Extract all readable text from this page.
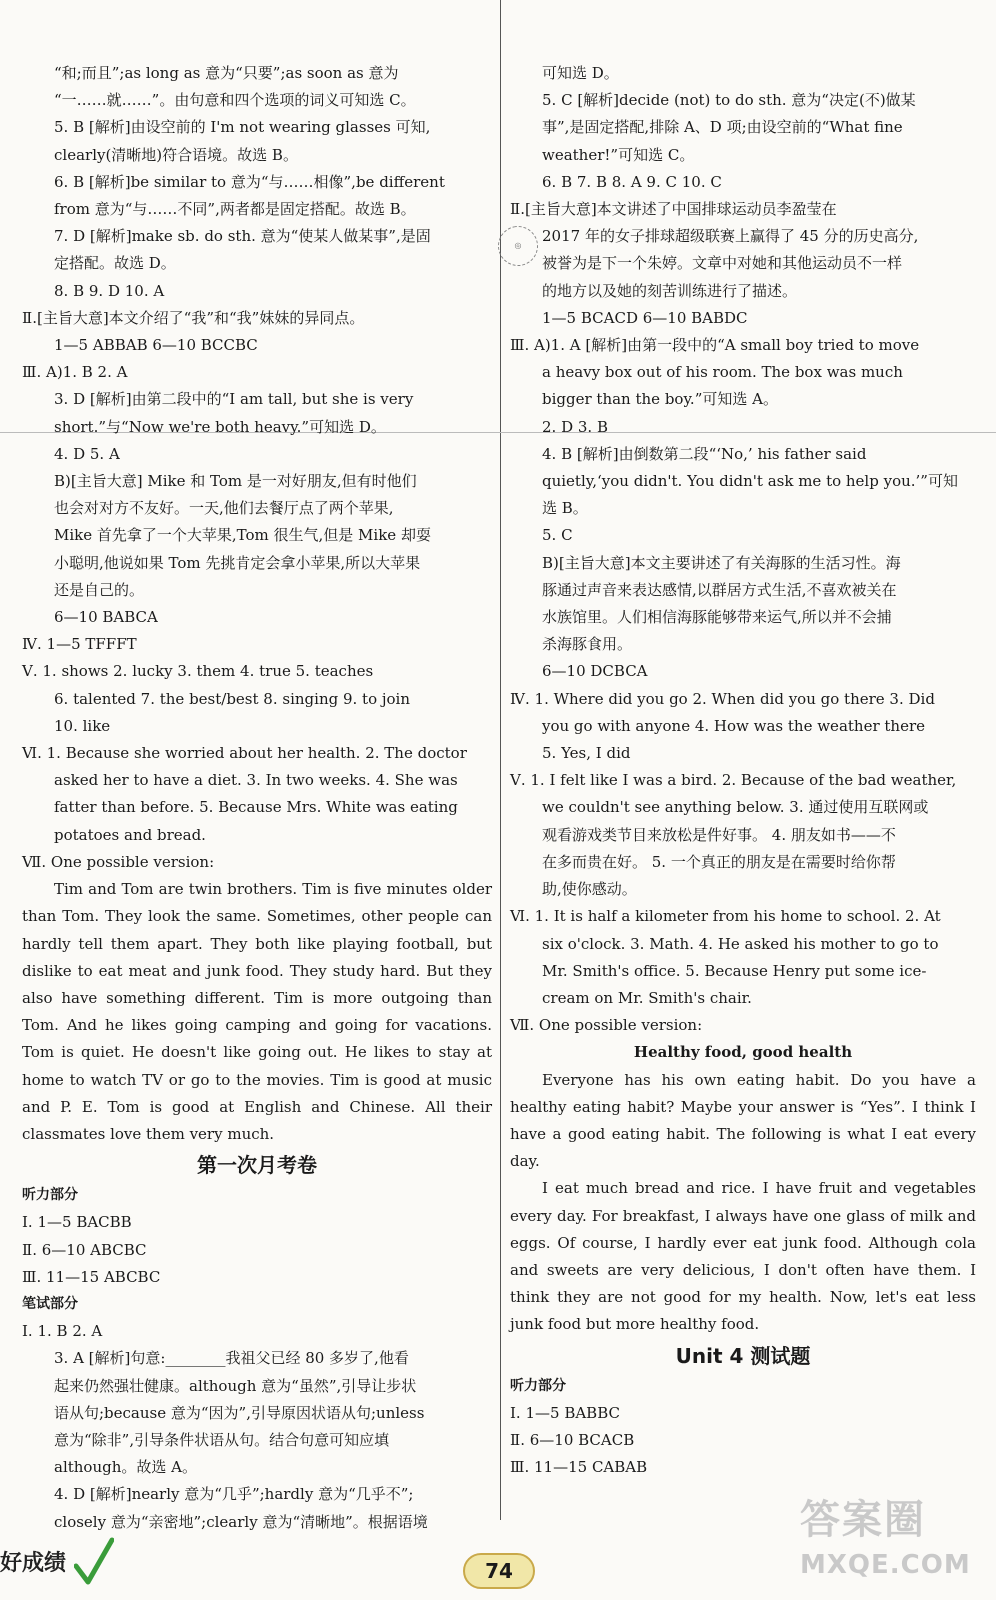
“和;而且”;as long as 意为“只要”;as soon as 意为
“一……就……”。由句意和四个选项的词义可知选 C。
5. B [解析]由设空前的 I'm not wearing glasses 可知,
clearly(清晰地)符合语境。故选 B。
6. B [解析]be similar to 意为“与……相像”,be different
from 意为“与……不同”,两者都是固定搭配。故选 B。
7. D [解析]make sb. do sth. 意为“使某人做某事”,是固
定搭配。故选 D。
8. B 9. D 10. A
Ⅱ.[主旨大意]本文介绍了“我”和“我”妹妹的异同点。
1—5 ABBAB 6—10 BCCBC
Ⅲ. A)1. B 2. A
3. D [解析]由第二段中的“I am tall, but she is very
short.”与“Now we're both heavy.”可知选 D。
4. D 5. A
B)[主旨大意] Mike 和 Tom 是一对好朋友,但有时他们
也会对对方不友好。一天,他们去餐厅点了两个苹果,
Mike 首先拿了一个大苹果,Tom 很生气,但是 Mike 却耍
小聪明,他说如果 Tom 先挑肯定会拿小苹果,所以大苹果
还是自己的。
6—10 BABCA
Ⅳ. 1—5 TFFFT
Ⅴ. 1. shows 2. lucky 3. them 4. true 5. teaches
6. talented 7. the best/best 8. singing 9. to join
10. like
Ⅵ. 1. Because she worried about her health. 2. The doctor
asked her to have a diet. 3. In two weeks. 4. She was
fatter than before. 5. Because Mrs. White was eating
potatoes and bread.
Ⅶ. One possible version:
Tim and Tom are twin brothers. Tim is five minutes older than Tom. They look the same. Sometimes, other people can hardly tell them apart. They both like playing football, but dislike to eat meat and junk food. They study hard. But they also have something different. Tim is more outgoing than Tom. And he likes going camping and going for vacations. Tom is quiet. He doesn't like going out. He likes to stay at home to watch TV or go to the movies. Tim is good at music and P. E. Tom is good at English and Chinese. All their classmates love them very much.
第一次月考卷
听力部分
Ⅰ. 1—5 BACBB
Ⅱ. 6—10 ABCBC
Ⅲ. 11—15 ABCBC
笔试部分
Ⅰ. 1. B 2. A
3. A [解析]句意:________我祖父已经 80 多岁了,他看
起来仍然强壮健康。although 意为“虽然”,引导让步状
语从句;because 意为“因为”,引导原因状语从句;unless
意为“除非”,引导条件状语从句。结合句意可知应填
although。故选 A。
4. D [解析]nearly 意为“几乎”;hardly 意为“几乎不”;
closely 意为“亲密地”;clearly 意为“清晰地”。根据语境
◎
可知选 D。
5. C [解析]decide (not) to do sth. 意为“决定(不)做某
事”,是固定搭配,排除 A、D 项;由设空前的“What fine
weather!”可知选 C。
6. B 7. B 8. A 9. C 10. C
Ⅱ.[主旨大意]本文讲述了中国排球运动员李盈莹在
2017 年的女子排球超级联赛上赢得了 45 分的历史高分,
被誉为是下一个朱婷。文章中对她和其他运动员不一样
的地方以及她的刻苦训练进行了描述。
1—5 BCACD 6—10 BABDC
Ⅲ. A)1. A [解析]由第一段中的“A small boy tried to move
a heavy box out of his room. The box was much
bigger than the boy.”可知选 A。
2. D 3. B
4. B [解析]由倒数第二段“‘No,’ his father said
quietly,‘you didn't. You didn't ask me to help you.’”可知
选 B。
5. C
B)[主旨大意]本文主要讲述了有关海豚的生活习性。海
豚通过声音来表达感情,以群居方式生活,不喜欢被关在
水族馆里。人们相信海豚能够带来运气,所以并不会捕
杀海豚食用。
6—10 DCBCA
Ⅳ. 1. Where did you go 2. When did you go there 3. Did
you go with anyone 4. How was the weather there
5. Yes, I did
Ⅴ. 1. I felt like I was a bird. 2. Because of the bad weather,
we couldn't see anything below. 3. 通过使用互联网或
观看游戏类节目来放松是件好事。 4. 朋友如书——不
在多而贵在好。 5. 一个真正的朋友是在需要时给你帮
助,使你感动。
Ⅵ. 1. It is half a kilometer from his home to school. 2. At
six o'clock. 3. Math. 4. He asked his mother to go to
Mr. Smith's office. 5. Because Henry put some ice-
cream on Mr. Smith's chair.
Ⅶ. One possible version:
Healthy food, good health
Everyone has his own eating habit. Do you have a healthy eating habit? Maybe your answer is “Yes”. I think I have a good eating habit. The following is what I eat every day.
I eat much bread and rice. I have fruit and vegetables every day. For breakfast, I always have one glass of milk and eggs. Of course, I hardly ever eat junk food. Although cola and sweets are very delicious, I don't often have them. I think they are not good for my health. Now, let's eat less junk food but more healthy food.
Unit 4 测试题
听力部分
Ⅰ. 1—5 BABBC
Ⅱ. 6—10 BCACB
Ⅲ. 11—15 CABAB
好成绩	74
答案圈
MXQE.COM
